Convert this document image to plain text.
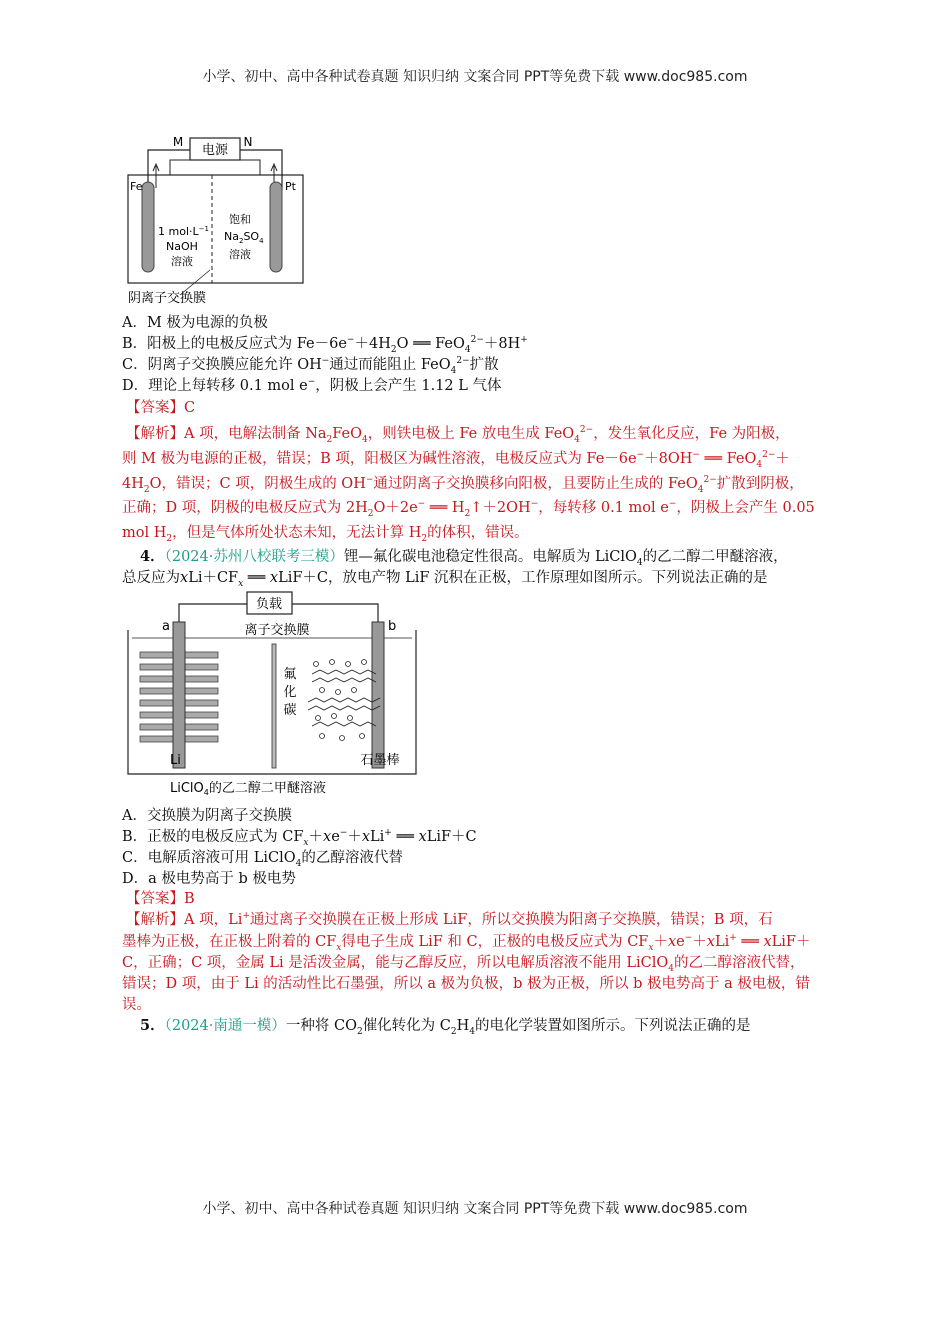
小学、初中、高中各种试卷真题 知识归纳 文案合同 PPT等免费下载 www.doc985.com
电源
M	N
Fe	Pt
1 $mol\cdot L^{-1}$
NaOH
溶液
饱和
$Na_2SO_4$
溶液
阴离子交换膜
A．M 极为电源的负极
B．阳极上的电极反应式为 $Fe-6e^-+4H_2O$ ══ FeO$_4^{2-}$＋8H+
C．阴离子交换膜应能允许 OH−通过而能阻止 FeO$_4^{2-}$扩散
D．理论上每转移 0.1 mol e−，阴极上会产生 1.12 L 气体
【答案】C
【解析】A 项，电解法制备 $Na_2FeO_4$，则铁电极上 Fe 放电生成 FeO$_4^{2-}$，发生氧化反应，Fe 为阳极，
则 M 极为电源的正极，错误；B 项，阳极区为碱性溶液，电极反应式为 Fe－6e−＋8OH− ══ FeO$_4^{2-}$＋
$4H_2O$，错误；C 项，阴极生成的 OH−通过阴离子交换膜移向阳极，且要防止生成的 FeO$_4^{2-}$扩散到阴极，
正确；D 项，阴极的电极反应式为 $2H_2O+2e^-$ ══ $H_2↑+2OH^-$，每转移 0.1 mol e−，阴极上会产生 0.05
mol $H_2$，但是气体所处状态未知，无法计算 $H_2$的体积，错误。
4．（2024·苏州八校联考三模）锂—氟化碳电池稳定性很高。电解质为 LiClO$_4$的乙二醇二甲醚溶液，
总反应为$xLi+CF_x$ ══ xLiF＋C，放电产物 LiF 沉积在正极，工作原理如图所示。下列说法正确的是
负载
a	b
离子交换膜
Li
氟
化
碳
石墨棒
LiClO$_4$的乙二醇二甲醚溶液
A．交换膜为阴离子交换膜
B．正极的电极反应式为 $CF_x+xe^-+xLi^+$ ══ xLiF＋C
C．电解质溶液可用 LiClO$_4$的乙醇溶液代替
D．a 极电势高于 b 极电势
【答案】B
【解析】A 项，Li+通过离子交换膜在正极上形成 LiF，所以交换膜为阳离子交换膜，错误；B 项，石
墨棒为正极，在正极上附着的 $CF_x$得电子生成 LiF 和 C，正极的电极反应式为 $CF_x+xe^-+xLi^+$ ══ xLiF＋
C，正确；C 项，金属 Li 是活泼金属，能与乙醇反应，所以电解质溶液不能用 LiClO$_4$的乙二醇溶液代替，
错误；D 项，由于 Li 的活动性比石墨强，所以 a 极为负极，b 极为正极，所以 b 极电势高于 a 极电极，错
误。
5．（2024·南通一模）一种将 $CO_2$催化转化为 $C_2H_4$的电化学装置如图所示。下列说法正确的是
小学、初中、高中各种试卷真题 知识归纳 文案合同 PPT等免费下载 www.doc985.com
